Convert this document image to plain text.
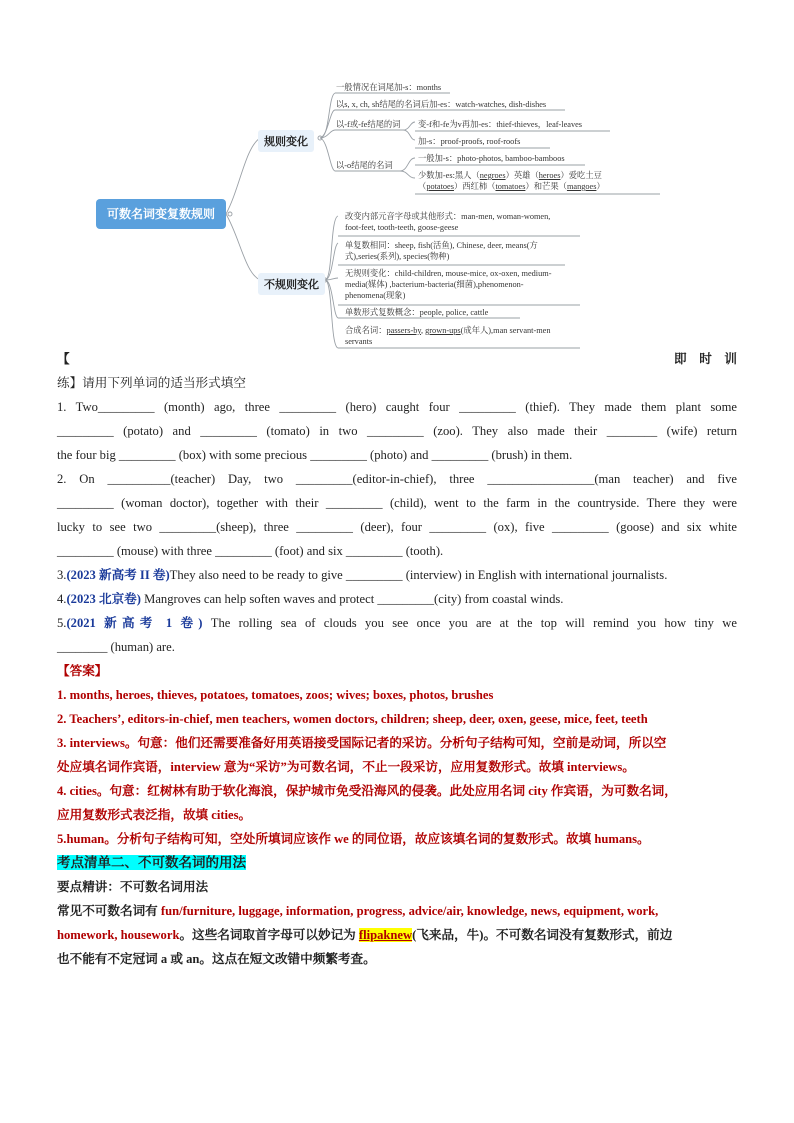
可数名词变复数规则
规则变化
一般情况在词尾加-s：months
以s, x, ch, sh结尾的名词后加-es：watch-watches, dish-dishes
以-f或-fe结尾的词 变-f和-fe为v再加-es：thief-thieves，leaf-leaves
加-s：proof-proofs, roof-roofs
以-o结尾的名词
一般加-s：photo-photos, bamboo-bamboos
少数加-es:黑人（negroes）英雄（heroes）爱吃土豆
（potatoes）西红柿（tomatoes）和芒果（mangoes）
不规则变化
改变内部元音字母或其他形式：man-men, woman-women,
foot-feet, tooth-teeth, goose-geese
单复数相同：sheep, fish(活鱼), Chinese, deer, means(方
式),series(系列), species(物种)
无规则变化：child-children, mouse-mice, ox-oxen, medium-
media(媒体) ,bacterium-bacteria(细菌),phenomenon-
phenomena(现象)
单数形式复数概念：people, police, cattle
合成名词：passers-by, grown-ups(成年人),man servant-men
servants
【	即　时　训
练】请用下列单词的适当形式填空
1. Two_________ (month) ago, three _________ (hero) caught four _________ (thief). They made them plant some
_________ (potato) and _________ (tomato) in two _________ (zoo). They also made their ________ (wife) return
the four big _________ (box) with some precious _________ (photo) and _________ (brush) in them.
2. On __________(teacher) Day, two _________(editor-in-chief), three _________________(man teacher) and five
_________ (woman doctor), together with their _________ (child), went to the farm in the countryside. There they were
lucky to see two _________(sheep), three _________ (deer), four _________ (ox), five _________ (goose) and six white
_________ (mouse) with three _________ (foot) and six _________ (tooth).
3.(2023 新高考 II 卷)They also need to be ready to give _________ (interview) in English with international journalists.
4.(2023 北京卷) Mangroves can help soften waves and protect _________(city) from coastal winds.
5.(2021 新高考 1 卷) The rolling sea of clouds you see once you are at the top will remind you how tiny we
________ (human) are.
【答案】
1. months, heroes, thieves, potatoes, tomatoes, zoos; wives; boxes, photos, brushes
2. Teachers’, editors-in-chief, men teachers, women doctors, children; sheep, deer, oxen, geese, mice, feet, teeth
3. interviews。句意：他们还需要准备好用英语接受国际记者的采访。分析句子结构可知，空前是动词，所以空
处应填名词作宾语，interview 意为“采访”为可数名词，不止一段采访，应用复数形式。故填 interviews。
4. cities。句意：红树林有助于软化海浪，保护城市免受沿海风的侵袭。此处应用名词 city 作宾语，为可数名词，
应用复数形式表泛指，故填 cities。
5.human。分析句子结构可知，空处所填词应该作 we 的同位语，故应该填名词的复数形式。故填 humans。
考点清单二、不可数名词的用法
要点精讲：不可数名词用法
常见不可数名词有 fun/furniture, luggage, information, progress, advice/air, knowledge, news, equipment, work,
homework, housework。这些名词取首字母可以妙记为 flipaknew(飞来品，牛)。不可数名词没有复数形式，前边
也不能有不定冠词 a 或 an。这点在短文改错中频繁考查。
